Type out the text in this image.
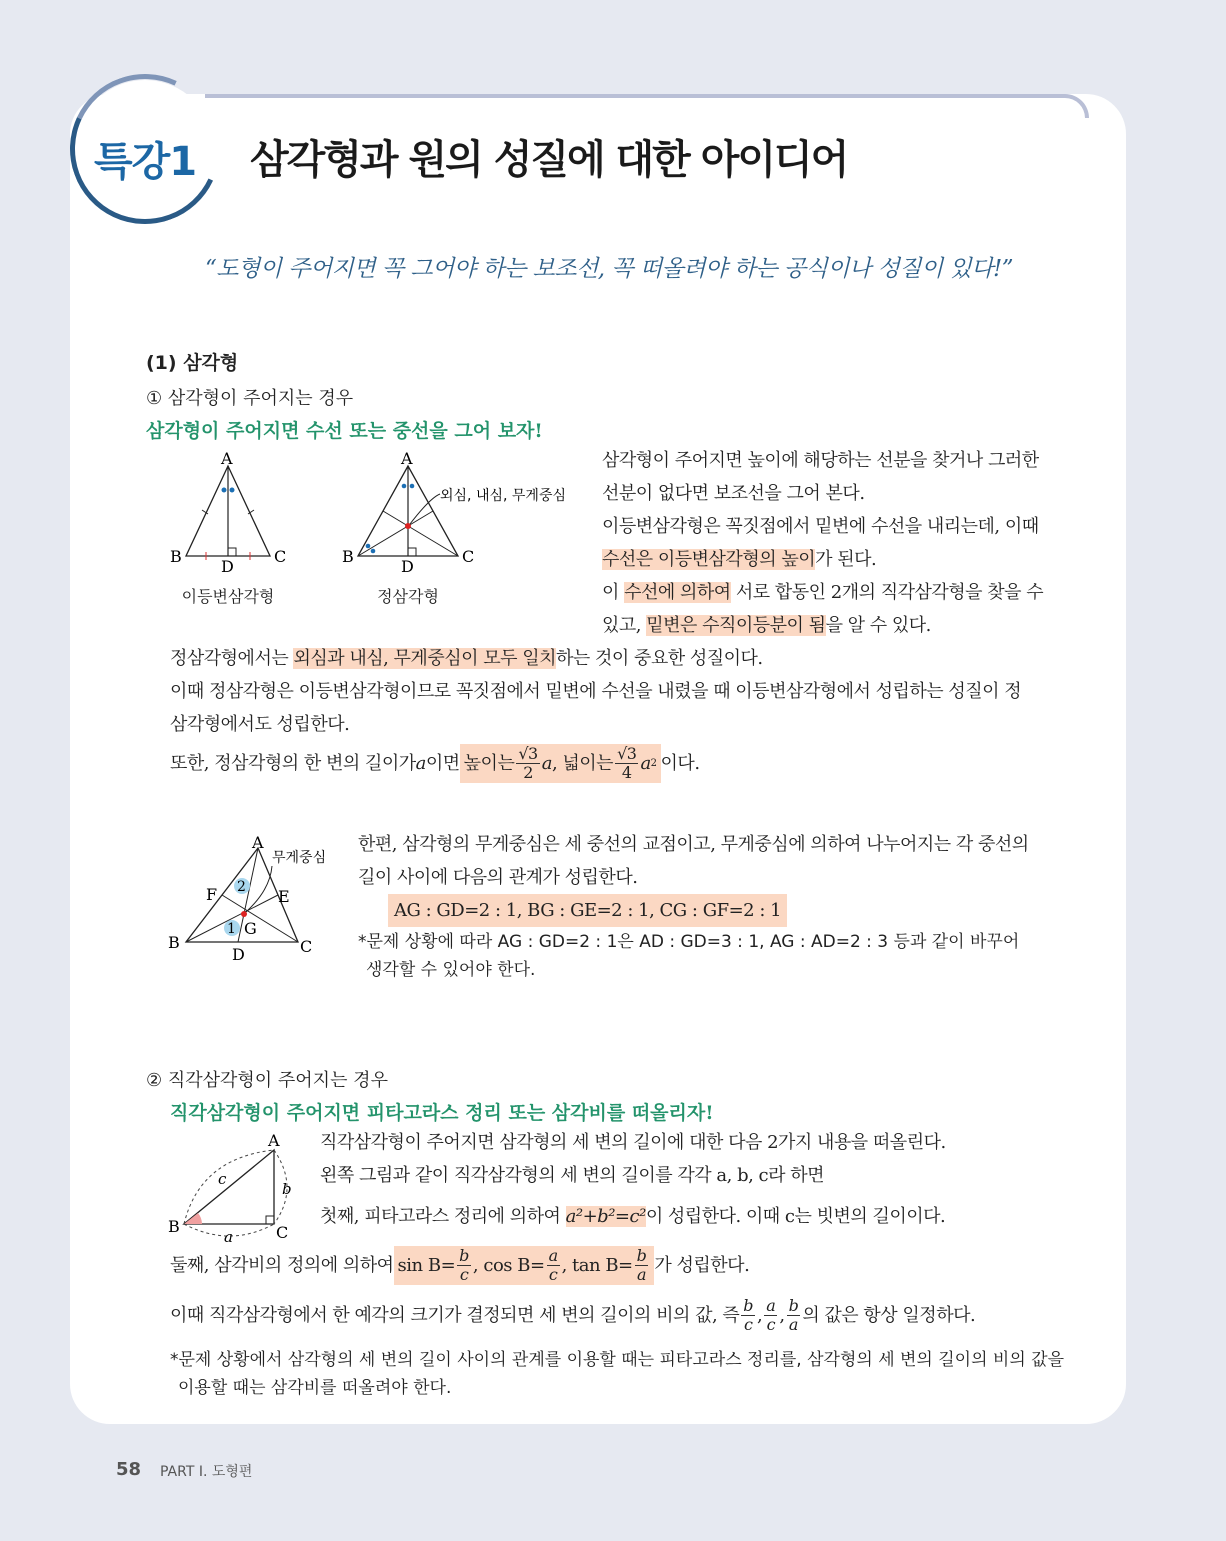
특강1 삼각형과 원의 성질에 대한 아이디어
“도형이 주어지면 꼭 그어야 하는 보조선, 꼭 떠올려야 하는 공식이나 성질이 있다!”
(1) 삼각형
① 삼각형이 주어지는 경우
삼각형이 주어지면 수선 또는 중선을 그어 보자!
A
B	C
D
이등변삼각형
A
B	C
D
외심, 내심, 무게중심
정삼각형
삼각형이 주어지면 높이에 해당하는 선분을 찾거나 그러한
선분이 없다면 보조선을 그어 본다.
이등변삼각형은 꼭짓점에서 밑변에 수선을 내리는데, 이때
수선은 이등변삼각형의 높이가 된다.
이 수선에 의하여 서로 합동인 2개의 직각삼각형을 찾을 수
있고, 밑변은 수직이등분이 됨을 알 수 있다.
정삼각형에서는 외심과 내심, 무게중심이 모두 일치하는 것이 중요한 성질이다.
이때 정삼각형은 이등변삼각형이므로 꼭짓점에서 밑변에 수선을 내렸을 때 이등변삼각형에서 성립하는 성질이 정
삼각형에서도 성립한다.
또한, 정삼각형의 한 변의 길이가 a 이면 높이는 $\frac{√3}{2}$ a , 넓이는 $\frac{√3}{4}$ a 2 이다.
A
B	C
D
F	E
G
2
1
무게중심
한편, 삼각형의 무게중심은 세 중선의 교점이고, 무게중심에 의하여 나누어지는 각 중선의
길이 사이에 다음의 관계가 성립한다.
AG : GD=2 : 1, BG : GE=2 : 1, CG : GF=2 : 1
*문제 상황에 따라 AG : GD=2 : 1은 AD : GD=3 : 1, AG : AD=2 : 3 등과 같이 바꾸어
생각할 수 있어야 한다.
② 직각삼각형이 주어지는 경우
직각삼각형이 주어지면 피타고라스 정리 또는 삼각비를 떠올리자!
A
B	C
c
b
a
직각삼각형이 주어지면 삼각형의 세 변의 길이에 대한 다음 2가지 내용을 떠올린다.
왼쪽 그림과 같이 직각삼각형의 세 변의 길이를 각각 a, b, c라 하면
첫째, 피타고라스 정리에 의하여 a²+b²=c²이 성립한다. 이때 c는 빗변의 길이이다.
둘째, 삼각비의 정의에 의하여 $\sin B= \frac{b}{c}$ , $\cos B= \frac{a}{c}$ , $\tan B= \frac{b}{a}$ 가 성립한다.
이때 직각삼각형에서 한 예각의 크기가 결정되면 세 변의 길이의 비의 값, 즉 $\frac{b}{c}$ , $\frac{a}{c}$ , $\frac{b}{a}$ 의 값은 항상 일정하다.
*문제 상황에서 삼각형의 세 변의 길이 사이의 관계를 이용할 때는 피타고라스 정리를, 삼각형의 세 변의 길이의 비의 값을
이용할 때는 삼각비를 떠올려야 한다.
58 PART Ⅰ. 도형편
